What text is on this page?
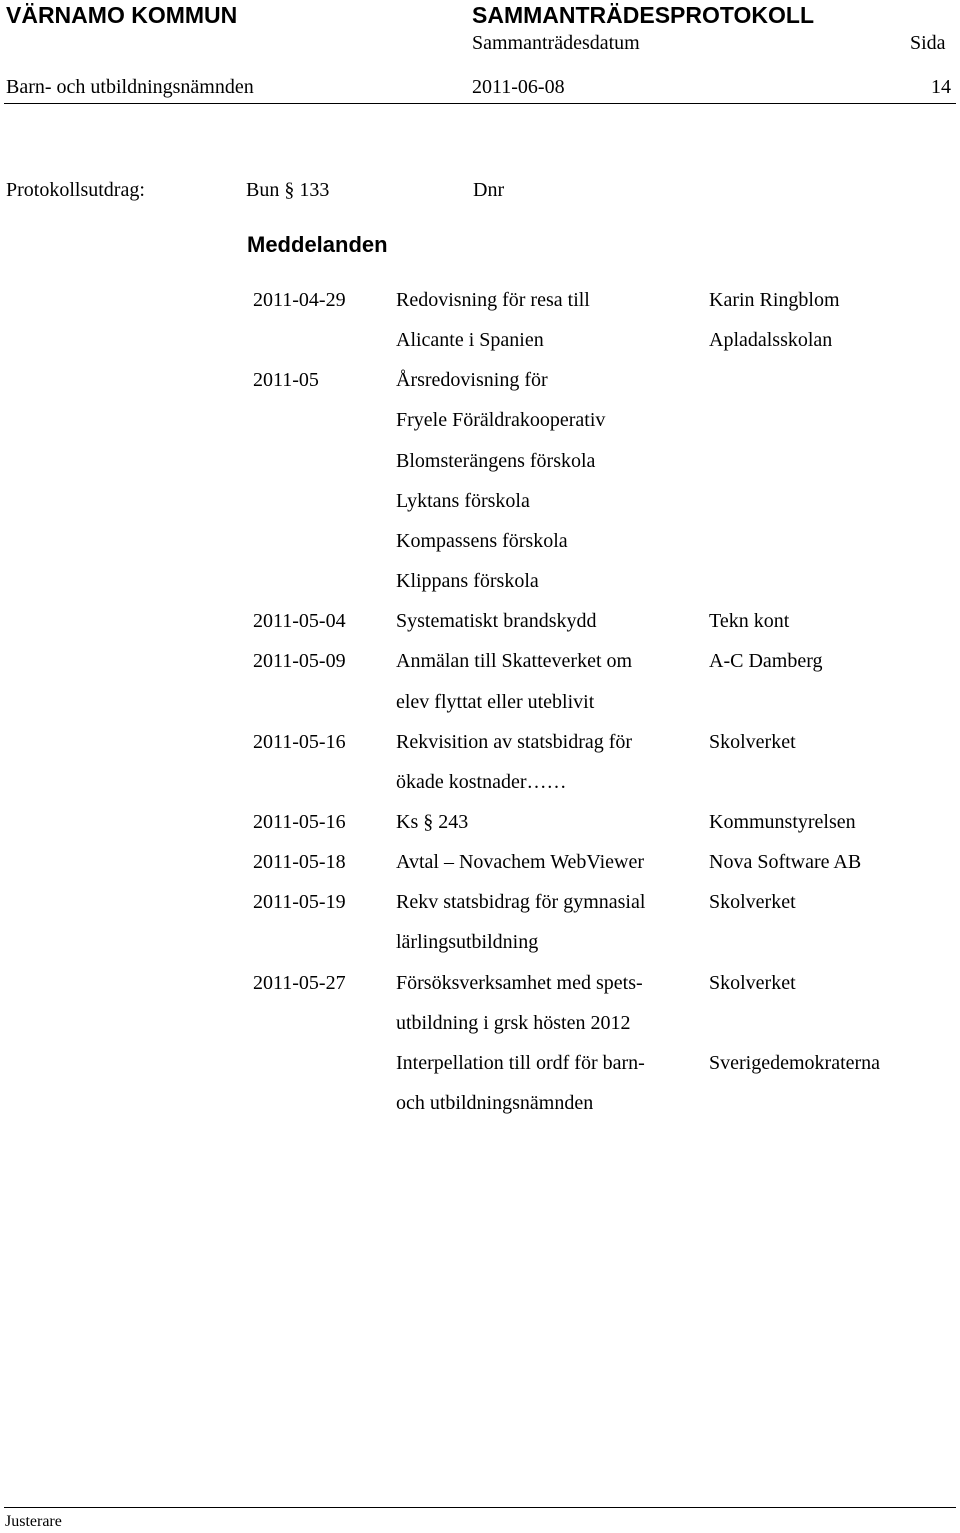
VÄRNAMO KOMMUN	SAMMANTRÄDESPROTOKOLL
Sammanträdesdatum	Sida
Barn- och utbildningsnämnden	2011-06-08	14
Protokollsutdrag:	Bun § 133	Dnr
Meddelanden
2011-04-29	Redovisning för resa till	Karin Ringblom
Alicante i Spanien	Apladalsskolan
2011-05	Årsredovisning för
Fryele Föräldrakooperativ
Blomsterängens förskola
Lyktans förskola
Kompassens förskola
Klippans förskola
2011-05-04	Systematiskt brandskydd	Tekn kont
2011-05-09	Anmälan till Skatteverket om	A-C Damberg
elev flyttat eller uteblivit
2011-05-16	Rekvisition av statsbidrag för	Skolverket
ökade kostnader……
2011-05-16	Ks § 243	Kommunstyrelsen
2011-05-18	Avtal – Novachem WebViewer	Nova Software AB
2011-05-19	Rekv statsbidrag för gymnasial	Skolverket
lärlingsutbildning
2011-05-27	Försöksverksamhet med spets-	Skolverket
utbildning i grsk hösten 2012
Interpellation till ordf för barn-	Sverigedemokraterna
och utbildningsnämnden
Justerare
